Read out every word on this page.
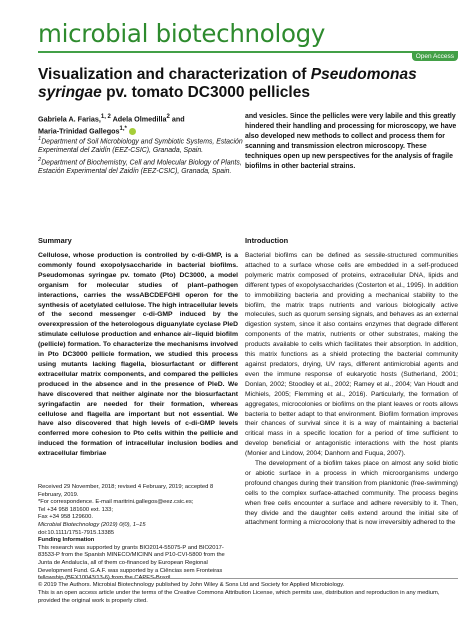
microbial biotechnology
Open Access
Visualization and characterization of Pseudomonas syringae pv. tomato DC3000 pellicles
Gabriela A. Farias,$^{1, 2}$ Adela Olmedilla$^2$ and
Maria-Trinidad Gallegos$^{1,*}$
$^1$Department of Soil Microbiology and Symbiotic Systems, Estación Experimental del Zaidín (EEZ-CSIC), Granada, Spain.
$^2$Department of Biochemistry, Cell and Molecular Biology of Plants, Estación Experimental del Zaidín (EEZ-CSIC), Granada, Spain.
and vesicles. Since the pellicles were very labile and this greatly hindered their handling and processing for microscopy, we have also developed new methods to collect and process them for scanning and transmission electron microscopy. These techniques open up new perspectives for the analysis of fragile biofilms in other bacterial strains.
Summary
Cellulose, whose production is controlled by c-di-GMP, is a commonly found exopolysaccharide in bacterial biofilms. Pseudomonas syringae pv. tomato (Pto) DC3000, a model organism for molecular studies of plant–pathogen interactions, carries the wssABCDEFGHI operon for the synthesis of acetylated cellulose. The high intracellular levels of the second messenger c-di-GMP induced by the overexpression of the heterologous diguanylate cyclase PleD stimulate cellulose production and enhance air–liquid biofilm (pellicle) formation. To characterize the mechanisms involved in Pto DC3000 pellicle formation, we studied this process using mutants lacking flagella, biosurfactant or different extracellular matrix components, and compared the pellicles produced in the absence and in the presence of PleD. We have discovered that neither alginate nor the biosurfactant syringafactin are needed for their formation, whereas cellulose and flagella are important but not essential. We have also discovered that high levels of c-di-GMP levels conferred more cohesion to Pto cells within the pellicle and induced the formation of intracellular inclusion bodies and extracellular fimbriae
Received 29 November, 2018; revised 4 February, 2019; accepted 8 February, 2019.
*For correspondence. E-mail maritrini.gallegos@eez.csic.es;
Tel +34 958 181600 ext. 133;
Fax +34 958 129600.
Microbial Biotechnology (2019) 0(0), 1–15
doi:10.1111/1751-7915.13385
Funding Information
This research was supported by grants BIO2014-55075-P and BIO2017-83533-P from the Spanish MINECO/MICINN and P10-CVI-5800 from the Junta de Andalucía, all of them co-financed by European Regional Development Fund. G.A.F. was supported by a Ciências sem Fronteiras
Introduction

Bacterial biofilms can be defined as sessile-structured communities attached to a surface whose cells are embedded in a self-produced polymeric matrix composed of proteins, extracellular DNA, lipids and different types of exopolysaccharides (Costerton et al., 1995). In addition to immobilizing bacteria and providing a mechanical stability to the biofilm, the matrix traps nutrients and various biologically active molecules, such as quorum sensing signals, and behaves as an external digestion system, since it also contains enzymes that degrade different components of the matrix, nutrients or other substrates, making the products available to cells which facilitates their absorption. In addition, this matrix functions as a shield protecting the bacterial community against predators, drying, UV rays, different antimicrobial agents and even the immune response of eukaryotic hosts (Sutherland, 2001; Donlan, 2002; Stoodley et al., 2002; Ramey et al., 2004; Van Houdt and Michiels, 2005; Flemming et al., 2016). Particularly, the formation of aggregates, microcolonies or biofilms on the plant leaves or roots allows bacteria to better adapt to that environment. Biofilm formation improves their chances of survival since it is a way of maintaining a bacterial critical mass in a specific location for a period of time sufficient to develop beneficial or antagonistic interactions with the host plants (Monier and Lindow, 2004; Danhorn and Fuqua, 2007).

The development of a biofilm takes place on almost any solid biotic or abiotic surface in a process in which microorganisms undergo profound changes during their transition from planktonic (free-swimming) cells to the complex surface-attached community. The process begins when free cells encounter a surface and adhere reversibly to it. Then, they divide and the daughter cells extend around the initial site of attachment forming a microcolony that is now irreversibly adhered to the

© 2019 The Authors. Microbial Biotechnology published by John Wiley & Sons Ltd and Society for Applied Microbiology.
This is an open access article under the terms of the Creative Commons Attribution License, which permits use, distribution and reproduction in any medium, provided the original work is properly cited.
